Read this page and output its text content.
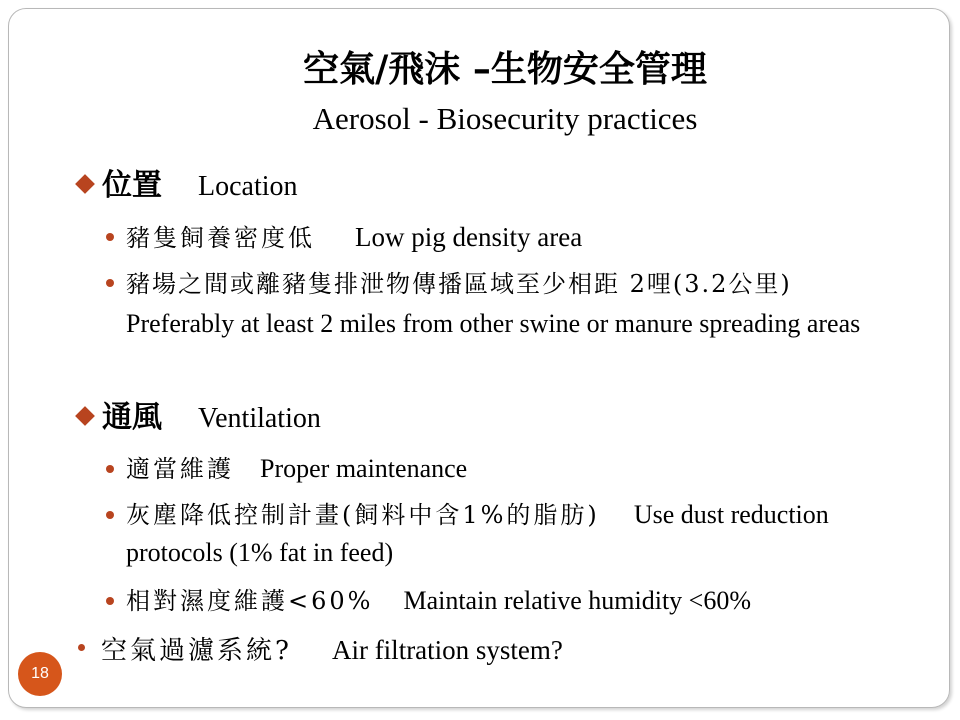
空氣/飛沫 –生物安全管理
Aerosol - Biosecurity practices
位置 Location
豬隻飼養密度低 Low pig density area
豬場之間或離豬隻排泄物傳播區域至少相距 2哩(3.2公里)Preferably at least 2 miles from other swine or manure spreading areas
通風 Ventilation
適當維護 Proper maintenance
灰塵降低控制計畫(飼料中含1%的脂肪) Use dust reduction protocols (1% fat in feed)
相對濕度維護<60% Maintain relative humidity <60%
空氣過濾系統? Air filtration system?
18
